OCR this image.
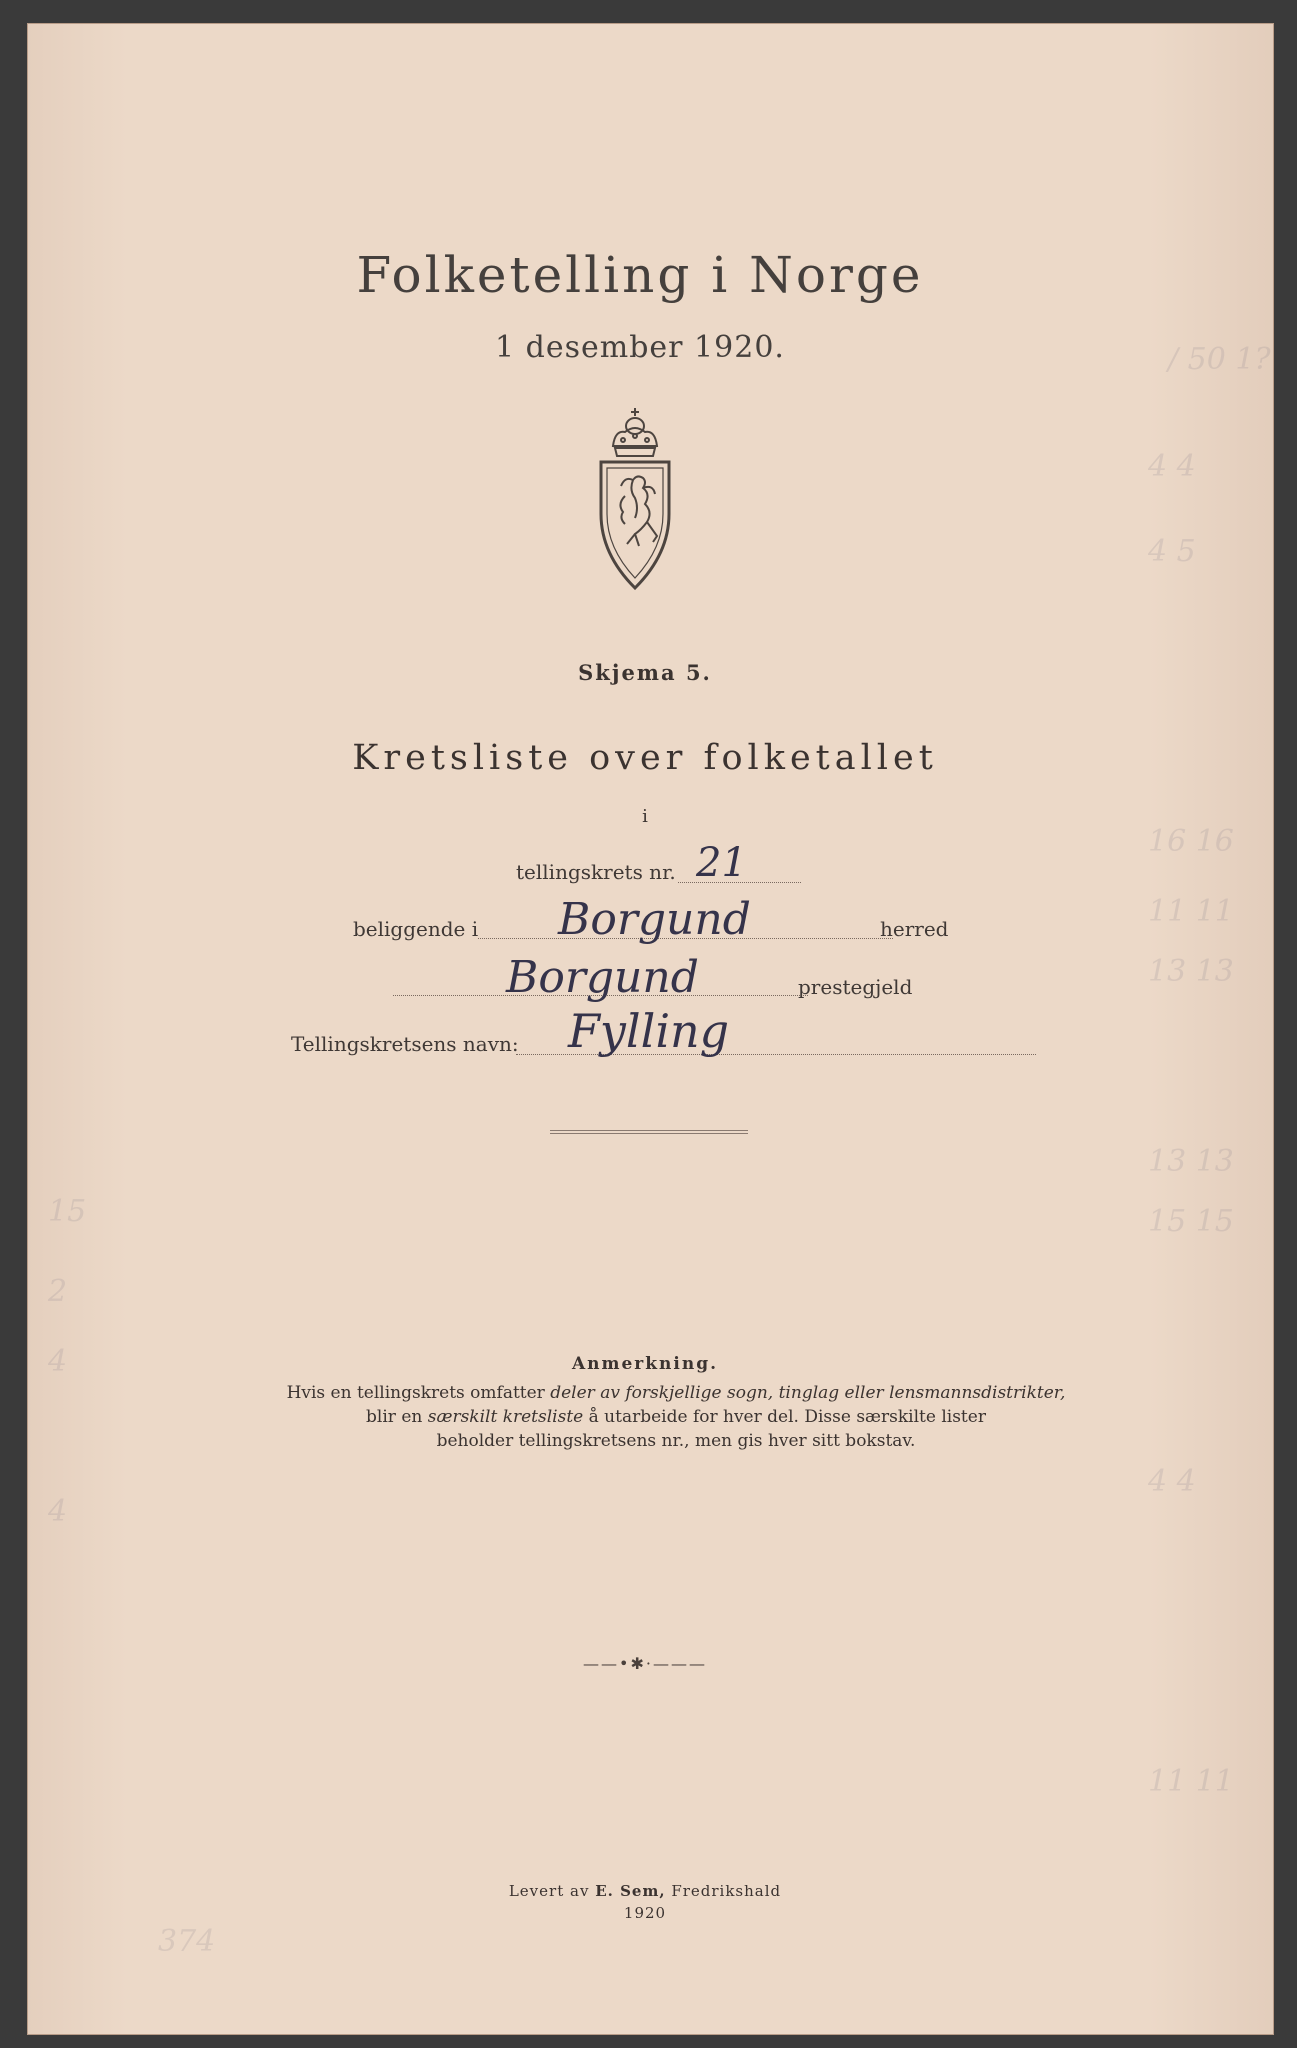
/ 50 1?
4 4
4 5
16 16
11 11
13 13
13 13
15 15
4 4
11 11
15
2
4
4
374
Folketelling i Norge
1 desember 1920.
Skjema 5.
Kretsliste over folketallet
i
tellingskrets nr. 21
beliggende i Borgund	herred
Borgund	prestegjeld
Tellingskretsens navn: Fylling
Anmerkning.
Hvis en tellingskrets omfatter deler av forskjellige sogn, tinglag eller lensmannsdistrikter,
blir en særskilt kretsliste å utarbeide for hver del. Disse særskilte lister
beholder tellingskretsens nr., men gis hver sitt bokstav.
——•✱·———
Levert av E. Sem, Fredrikshald
1920
